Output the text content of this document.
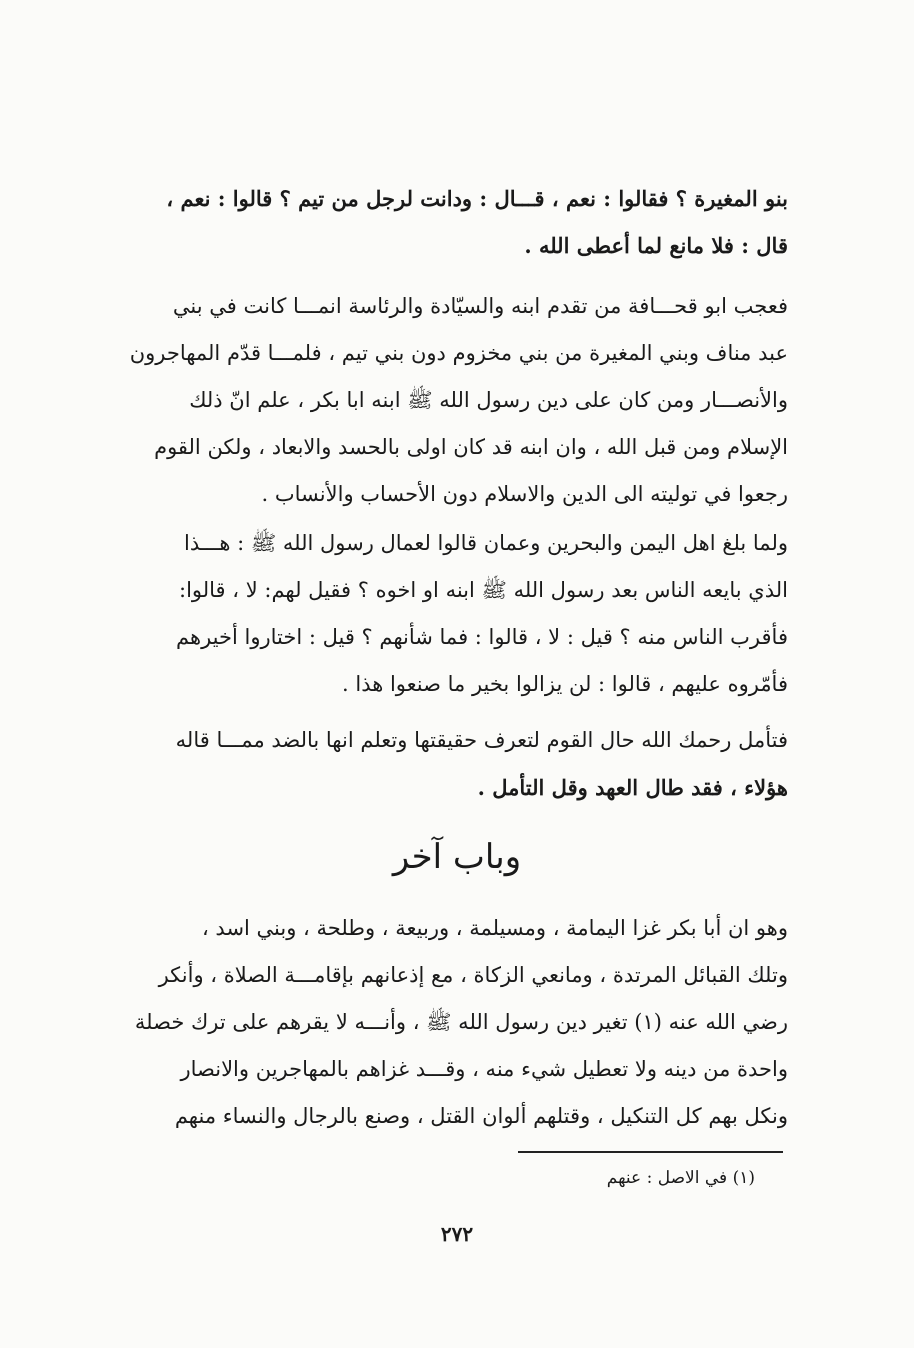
بنو المغيرة ؟ فقالوا : نعم ، قـــال : ودانت لرجل من تيم ؟ قالوا : نعم ،
قال : فلا مانع لما أعطى الله .
فعجب ابو قحـــافة من تقدم ابنه والسيّادة والرئاسة انمـــا كانت في بني
عبد مناف وبني المغيرة من بني مخزوم دون بني تيم ، فلمـــا قدّم المهاجرون
والأنصـــار ومن كان على دين رسول الله ﷺ ابنه ابا بكر ، علم انّ ذلك
الإسلام ومن قبل الله ، وان ابنه قد كان اولى بالحسد والابعاد ، ولكن القوم
رجعوا في توليته الى الدين والاسلام دون الأحساب والأنساب .
ولما بلغ اهل اليمن والبحرين وعمان قالوا لعمال رسول الله ﷺ : هـــذا
الذي بايعه الناس بعد رسول الله ﷺ ابنه او اخوه ؟ فقيل لهم: لا ، قالوا:
فأقرب الناس منه ؟ قيل : لا ، قالوا : فما شأنهم ؟ قيل : اختاروا أخيرهم
فأمّروه عليهم ، قالوا : لن يزالوا بخير ما صنعوا هذا .
فتأمل رحمك الله حال القوم لتعرف حقيقتها وتعلم انها بالضد ممـــا قاله
هؤلاء ، فقد طال العهد وقل التأمل .
وباب آخر
وهو ان أبا بكر غزا اليمامة ، ومسيلمة ، وربيعة ، وطلحة ، وبني اسد ،
وتلك القبائل المرتدة ، ومانعي الزكاة ، مع إذعانهم بإقامـــة الصلاة ، وأنكر
رضي الله عنه (١) تغير دين رسول الله ﷺ ، وأنـــه لا يقرهم على ترك خصلة
واحدة من دينه ولا تعطيل شيء منه ، وقـــد غزاهم بالمهاجرين والانصار
ونكل بهم كل التنكيل ، وقتلهم ألوان القتل ، وصنع بالرجال والنساء منهم
(١) في الاصل : عنهم
٢٧٢
